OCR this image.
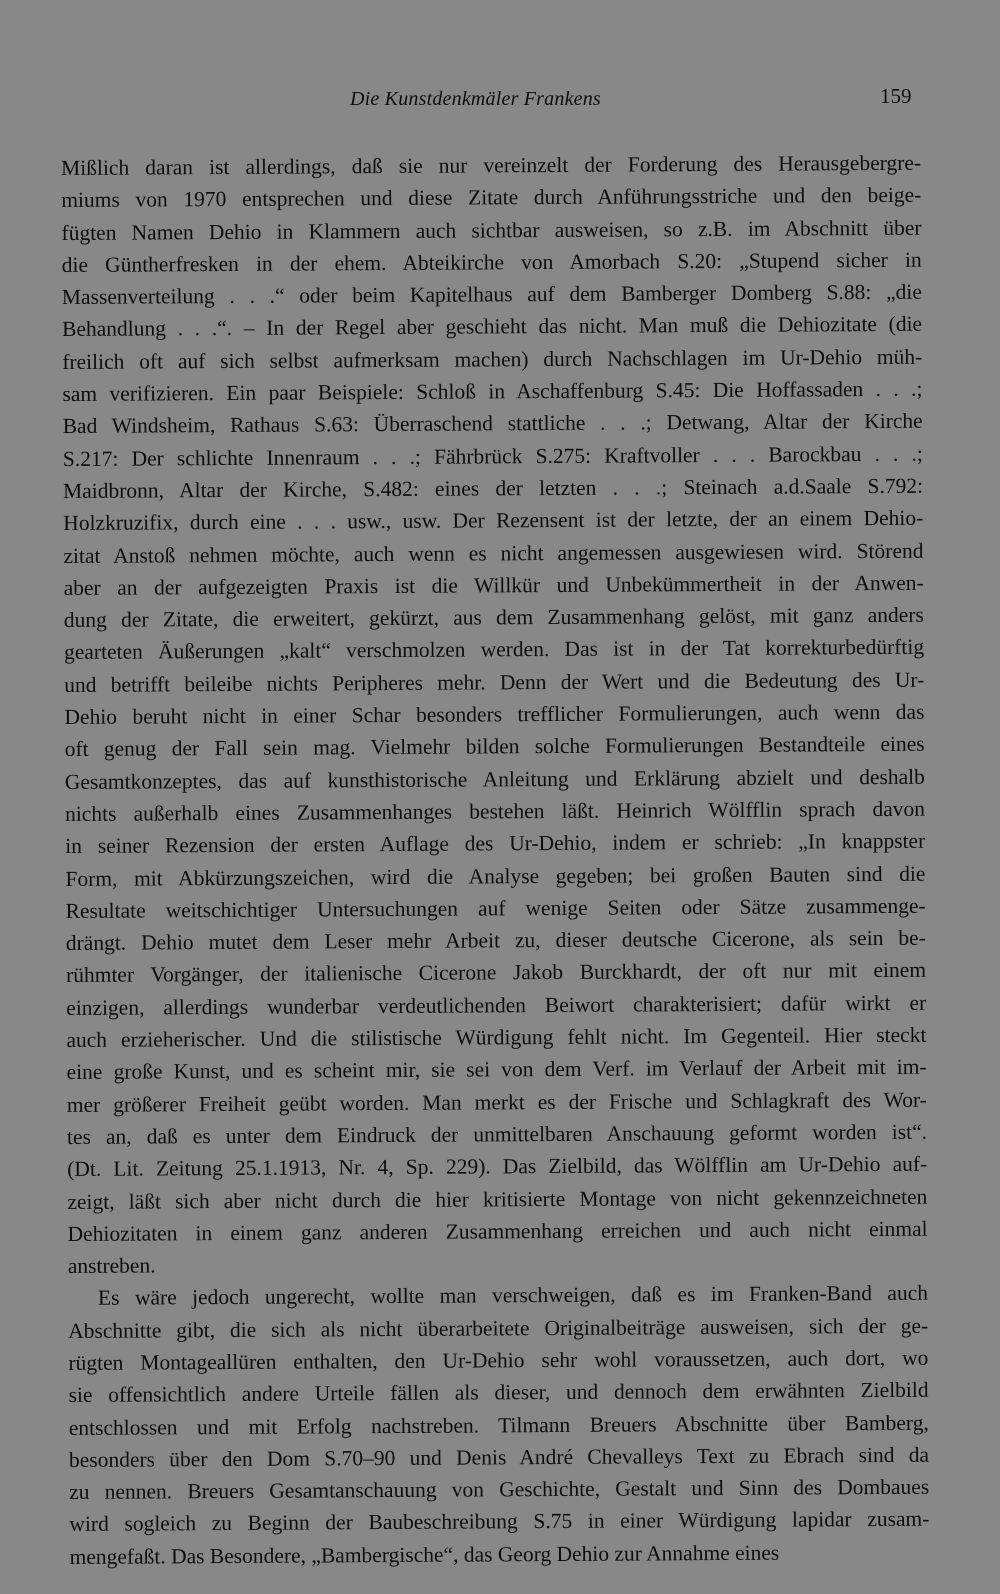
Die Kunstdenkmäler Frankens	159
Mißlich daran ist allerdings, daß sie nur vereinzelt der Forderung des Herausgebergre-
miums von 1970 entsprechen und diese Zitate durch Anführungsstriche und den beige-
fügten Namen Dehio in Klammern auch sichtbar ausweisen, so z.B. im Abschnitt über
die Güntherfresken in der ehem. Abteikirche von Amorbach S.20: „Stupend sicher in
Massenverteilung . . .“ oder beim Kapitelhaus auf dem Bamberger Domberg S.88: „die
Behandlung . . .“. – In der Regel aber geschieht das nicht. Man muß die Dehiozitate (die
freilich oft auf sich selbst aufmerksam machen) durch Nachschlagen im Ur-Dehio müh-
sam verifizieren. Ein paar Beispiele: Schloß in Aschaffenburg S.45: Die Hoffassaden . . .;
Bad Windsheim, Rathaus S.63: Überraschend stattliche . . .; Detwang, Altar der Kirche
S.217: Der schlichte Innenraum . . .; Fährbrück S.275: Kraftvoller . . . Barockbau . . .;
Maidbronn, Altar der Kirche, S.482: eines der letzten . . .; Steinach a.d.Saale S.792:
Holzkruzifix, durch eine . . . usw., usw. Der Rezensent ist der letzte, der an einem Dehio-
zitat Anstoß nehmen möchte, auch wenn es nicht angemessen ausgewiesen wird. Störend
aber an der aufgezeigten Praxis ist die Willkür und Unbekümmertheit in der Anwen-
dung der Zitate, die erweitert, gekürzt, aus dem Zusammenhang gelöst, mit ganz anders
gearteten Äußerungen „kalt“ verschmolzen werden. Das ist in der Tat korrekturbedürftig
und betrifft beileibe nichts Peripheres mehr. Denn der Wert und die Bedeutung des Ur-
Dehio beruht nicht in einer Schar besonders trefflicher Formulierungen, auch wenn das
oft genug der Fall sein mag. Vielmehr bilden solche Formulierungen Bestandteile eines
Gesamtkonzeptes, das auf kunsthistorische Anleitung und Erklärung abzielt und deshalb
nichts außerhalb eines Zusammenhanges bestehen läßt. Heinrich Wölfflin sprach davon
in seiner Rezension der ersten Auflage des Ur-Dehio, indem er schrieb: „In knappster
Form, mit Abkürzungszeichen, wird die Analyse gegeben; bei großen Bauten sind die
Resultate weitschichtiger Untersuchungen auf wenige Seiten oder Sätze zusammenge-
drängt. Dehio mutet dem Leser mehr Arbeit zu, dieser deutsche Cicerone, als sein be-
rühmter Vorgänger, der italienische Cicerone Jakob Burckhardt, der oft nur mit einem
einzigen, allerdings wunderbar verdeutlichenden Beiwort charakterisiert; dafür wirkt er
auch erzieherischer. Und die stilistische Würdigung fehlt nicht. Im Gegenteil. Hier steckt
eine große Kunst, und es scheint mir, sie sei von dem Verf. im Verlauf der Arbeit mit im-
mer größerer Freiheit geübt worden. Man merkt es der Frische und Schlagkraft des Wor-
tes an, daß es unter dem Eindruck der unmittelbaren Anschauung geformt worden ist“.
(Dt. Lit. Zeitung 25.1.1913, Nr. 4, Sp. 229). Das Zielbild, das Wölfflin am Ur-Dehio auf-
zeigt, läßt sich aber nicht durch die hier kritisierte Montage von nicht gekennzeichneten
Dehiozitaten in einem ganz anderen Zusammenhang erreichen und auch nicht einmal
anstreben.
Es wäre jedoch ungerecht, wollte man verschweigen, daß es im Franken-Band auch
Abschnitte gibt, die sich als nicht überarbeitete Originalbeiträge ausweisen, sich der ge-
rügten Montageallüren enthalten, den Ur-Dehio sehr wohl voraussetzen, auch dort, wo
sie offensichtlich andere Urteile fällen als dieser, und dennoch dem erwähnten Zielbild
entschlossen und mit Erfolg nachstreben. Tilmann Breuers Abschnitte über Bamberg,
besonders über den Dom S.70–90 und Denis André Chevalleys Text zu Ebrach sind da
zu nennen. Breuers Gesamtanschauung von Geschichte, Gestalt und Sinn des Dombaues
wird sogleich zu Beginn der Baubeschreibung S.75 in einer Würdigung lapidar zusam-
mengefaßt. Das Besondere, „Bambergische“, das Georg Dehio zur Annahme eines
